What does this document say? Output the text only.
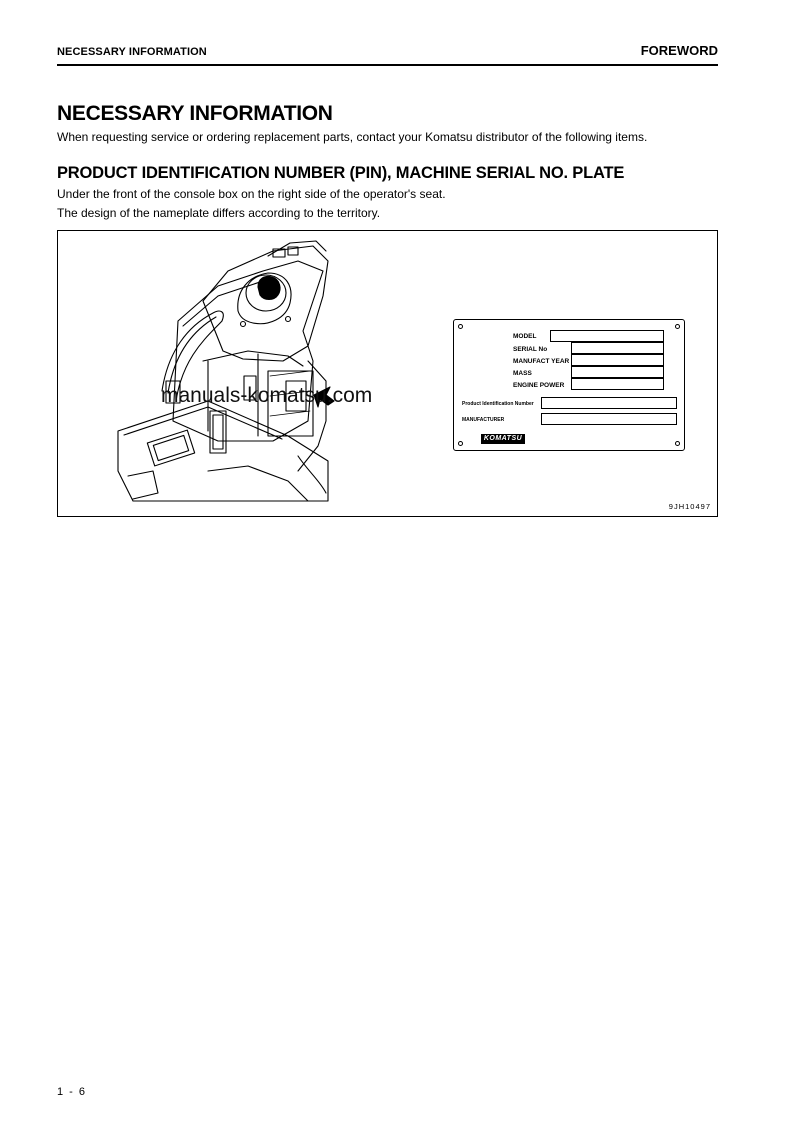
NECESSARY INFORMATION	FOREWORD
NECESSARY INFORMATION
When requesting service or ordering replacement parts, contact your Komatsu distributor of the following items.
PRODUCT IDENTIFICATION NUMBER (PIN), MACHINE SERIAL NO. PLATE
Under the front of the console box on the right side of the operator's seat.
The design of the nameplate differs according to the territory.
manuals-komatsu.com
MODEL
SERIAL No
MANUFACT YEAR
MASS
ENGINE POWER
Product Identification Number
MANUFACTURER
KOMATSU
9JH10497
1 - 6
